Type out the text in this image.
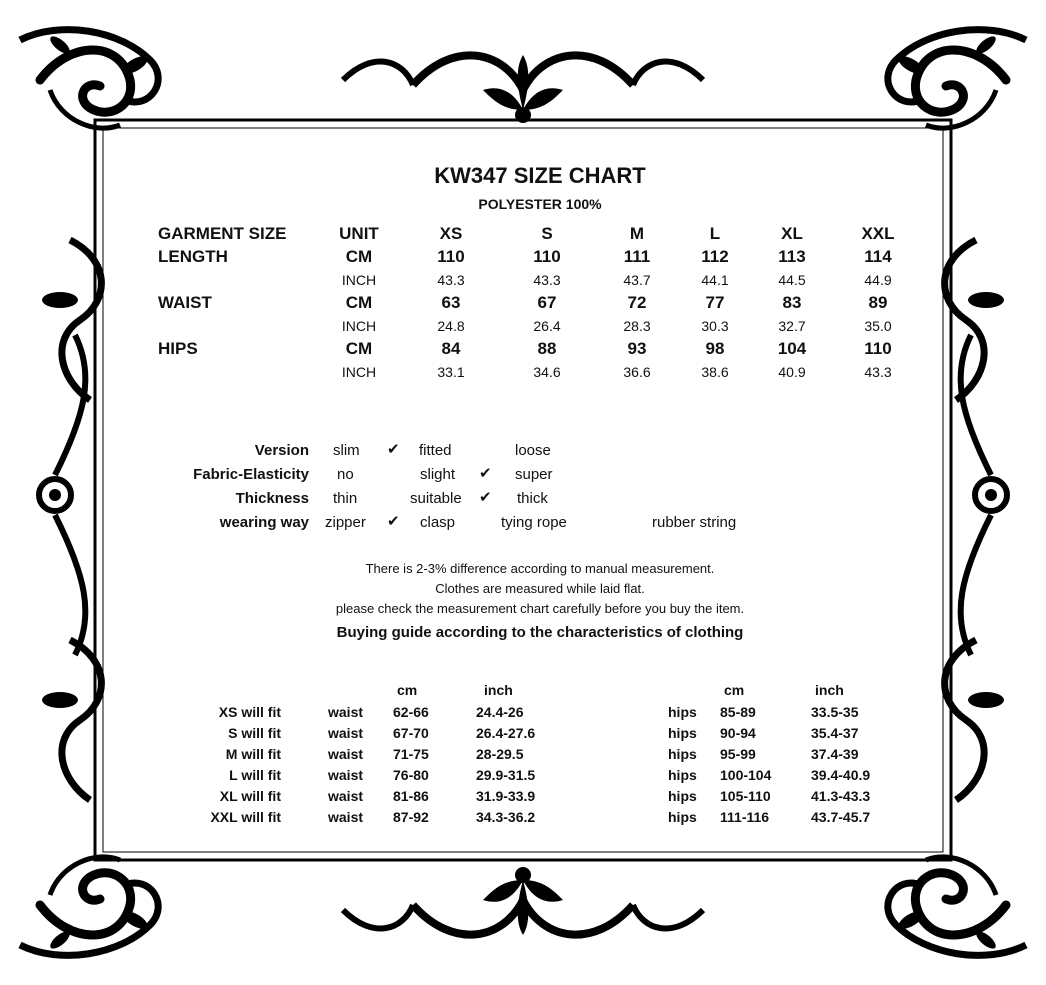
KW347 SIZE CHART
POLYESTER 100%
GARMENT SIZE	UNIT	XS	S	M	L	XL	XXL
LENGTH	CM	110	110	111	112	113	114
INCH	43.3	43.3	43.7	44.1	44.5	44.9
WAIST	CM	63	67	72	77	83	89
INCH	24.8	26.4	28.3	30.3	32.7	35.0
HIPS	CM	84	88	93	98	104	110
INCH	33.1	34.6	36.6	38.6	40.9	43.3
Version slim ✔ fitted	loose
Fabric-Elasticity no	slight ✔ super
Thickness thin	suitable ✔ thick
wearing way zipper ✔ clasp	tying rope	rubber string
There is 2-3% difference according to manual measurement.
Clothes are measured while laid flat.
please check the measurement chart carefully before you buy the item.
Buying guide according to the characteristics of clothing
cm	inch	cm	inch
XS will fit	waist 62-66	24.4-26	hips 85-89	33.5-35
S will fit	waist 67-70	26.4-27.6	hips 90-94	35.4-37
M will fit	waist 71-75	28-29.5	hips 95-99	37.4-39
L will fit	waist 76-80	29.9-31.5	hips 100-104	39.4-40.9
XL will fit	waist 81-86	31.9-33.9	hips 105-110	41.3-43.3
XXL will fit	waist 87-92	34.3-36.2	hips 111-116	43.7-45.7
